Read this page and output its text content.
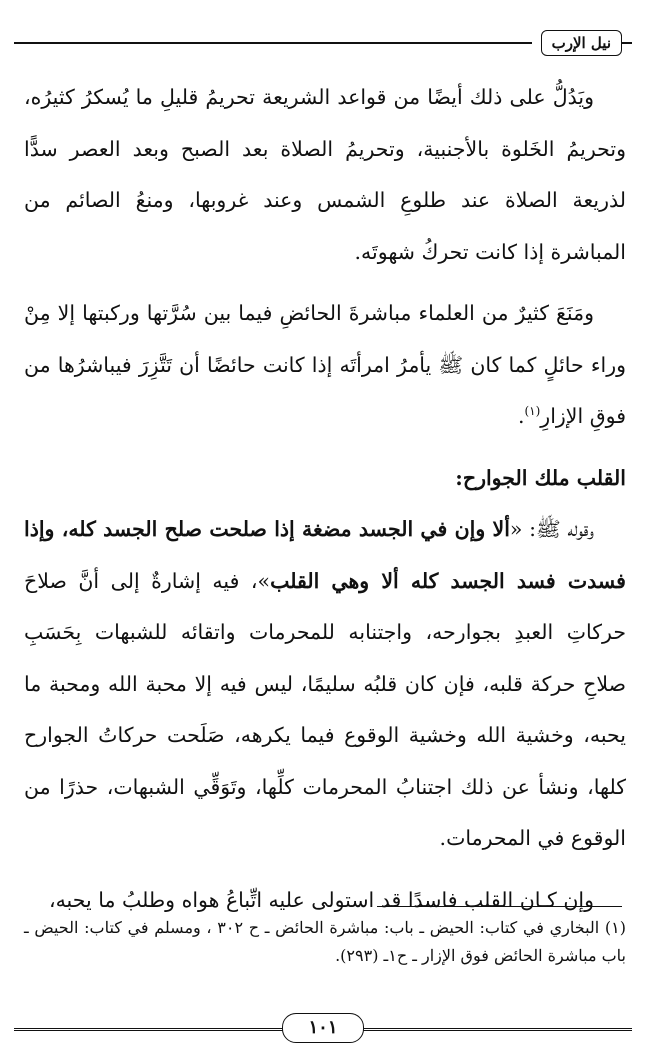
نيل الإرب

ويَدُلُّ على ذلك أيضًا من قواعد الشريعة تحريمُ قليلِ ما يُسكرُ كثيرُه، وتحريمُ الخَلوة بالأجنبية، وتحريمُ الصلاة بعد الصبح وبعد العصر سدًّا لذريعة الصلاة عند طلوعِ الشمس وعند غروبها، ومنعُ الصائم من المباشرة إذا كانت تحركُ شهوتَه.

ومَنَعَ كثيرٌ من العلماء مباشرةَ الحائضِ فيما بين سُرَّتها وركبتها إلا مِنْ وراء حائلٍ كما كان ﷺ يأمرُ امرأتَه إذا كانت حائضًا أن تَتَّزِرَ فيباشرُها من فوقِ الإزارِ$^{(١)}$.

القلب ملك الجوارح:

وقوله ﷺ: «ألا وإن في الجسد مضغة إذا صلحت صلح الجسد كله، وإذا فسدت فسد الجسد كله ألا وهي القلب»، فيه إشارةٌ إلى أنَّ صلاحَ حركاتِ العبدِ بجوارحه، واجتنابه للمحرمات واتقائه للشبهات بِحَسَبِ صلاحِ حركة قلبه، فإن كان قلبُه سليمًا، ليس فيه إلا محبة الله ومحبة ما يحبه، وخشية الله وخشية الوقوع فيما يكرهه، صَلَحت حركاتُ الجوارح كلها، ونشأ عن ذلك اجتنابُ المحرمات كلِّها، وتَوَقِّي الشبهات، حذرًا من الوقوع في المحرمات.

وإن كـان القلب فاسدًا قد استولى عليه اتِّباعُ هواه وطلبُ ما يحبه،

(١) البخاري في كتاب: الحيض ـ باب: مباشرة الحائض ـ ح ٣٠٢ ، ومسلم في كتاب: الحيض ـ باب مباشرة الحائض فوق الإزار ـ ح١ـ (٢٩٣).
١٠١
